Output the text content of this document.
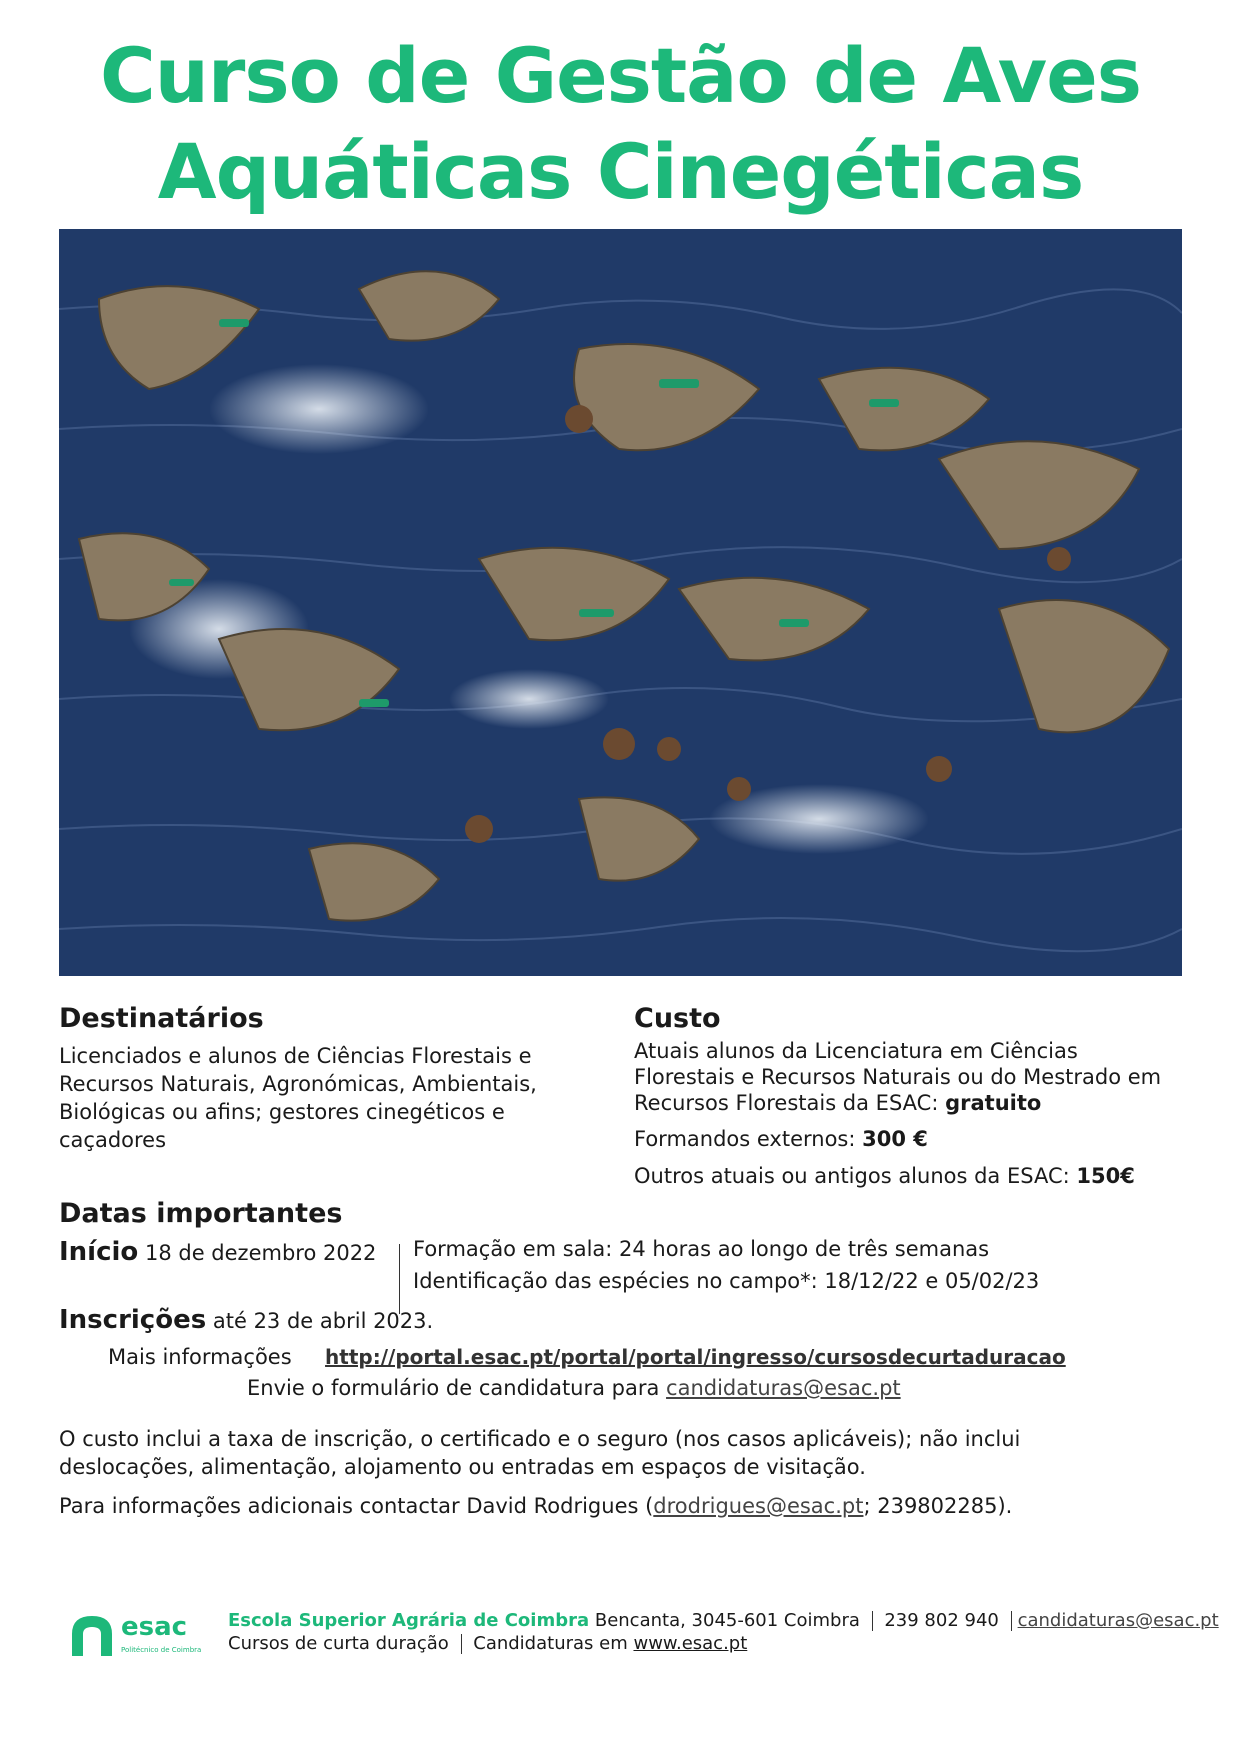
Curso de Gestão de Aves
Aquáticas Cinegéticas
Destinatários
Licenciados e alunos de Ciências Florestais e
Recursos Naturais, Agronómicas, Ambientais,
Biológicas ou afins; gestores cinegéticos e
caçadores
Custo
Atuais alunos da Licenciatura em Ciências
Florestais e Recursos Naturais ou do Mestrado em
Recursos Florestais da ESAC: gratuito
Formandos externos: 300 €
Outros atuais ou antigos alunos da ESAC: 150€
Datas importantes
Início 18 de dezembro 2022 Formação em sala: 24 horas ao longo de três semanas
Identificação das espécies no campo*: 18/12/22 e 05/02/23
Inscrições até 23 de abril 2023.
Mais informações http://portal.esac.pt/portal/portal/ingresso/cursosdecurtaduracao
Envie o formulário de candidatura para candidaturas@esac.pt
O custo inclui a taxa de inscrição, o certificado e o seguro (nos casos aplicáveis); não inclui
deslocações, alimentação, alojamento ou entradas em espaços de visitação.
Para informações adicionais contactar David Rodrigues (drodrigues@esac.pt; 239802285).
esac
Politécnico de Coimbra
Escola Superior Agrária de Coimbra Bencanta, 3045-601 Coimbra  239 802 940 candidaturas@esac.pt
Cursos de curta duração  Candidaturas em www.esac.pt
